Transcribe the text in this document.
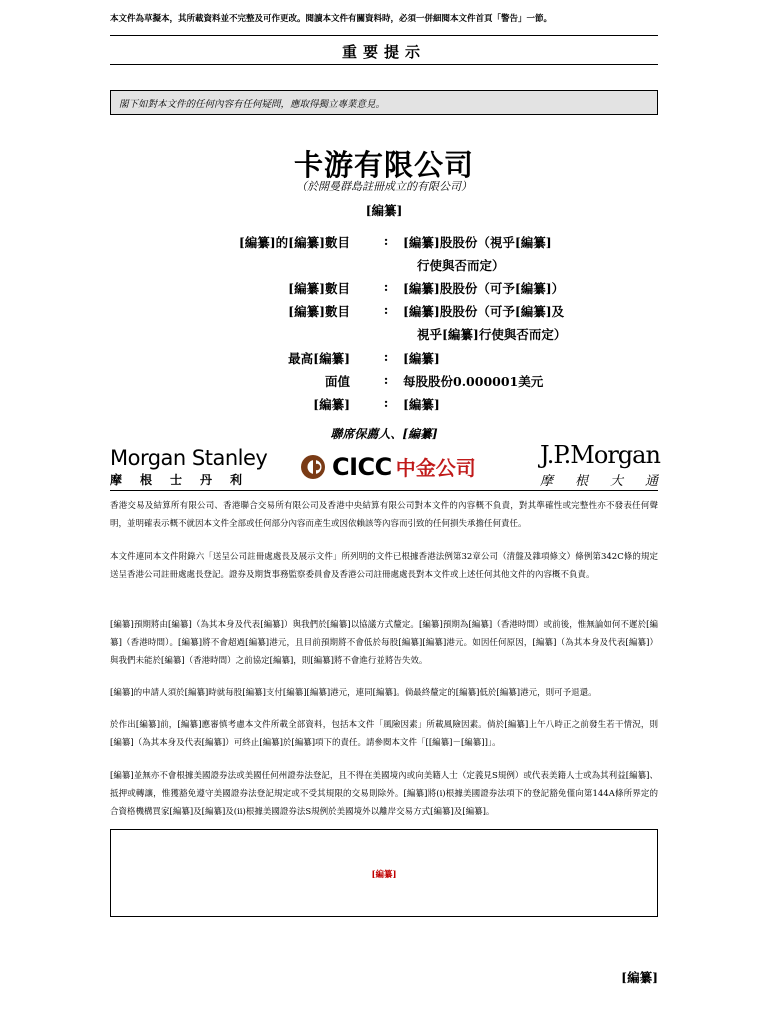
本文件為草擬本，其所載資料並不完整及可作更改。閱讀本文件有關資料時，必須一併細閱本文件首頁「警告」一節。
重要提示
閣下如對本文件的任何內容有任何疑問，應取得獨立專業意見。
卡游有限公司
（於開曼群島註冊成立的有限公司）
[編纂]
[編纂]的[編纂]數目	: [編纂]股股份（視乎[編纂]
行使與否而定）
[編纂]數目	: [編纂]股股份（可予[編纂]）
[編纂]數目	: [編纂]股股份（可予[編纂]及
視乎[編纂]行使與否而定）
最高[編纂]	: [編纂]
面值	: 每股股份0.000001美元
[編纂]	: [編纂]
聯席保薦人、[編纂]
Morgan Stanley
摩 根 士 丹 利	CICC 中金公司	J.P.Morgan
摩 根 大 通
香港交易及結算所有限公司、香港聯合交易所有限公司及香港中央結算有限公司對本文件的內容概不負責，對其準確性或完整性亦不發表任何聲明，並明確表示概不就因本文件全部或任何部分內容而產生或因依賴該等內容而引致的任何損失承擔任何責任。
本文件連同本文件附錄六「送呈公司註冊處處長及展示文件」所列明的文件已根據香港法例第32章公司（清盤及雜項條文）條例第342C條的規定送呈香港公司註冊處處長登記。證券及期貨事務監察委員會及香港公司註冊處處長對本文件或上述任何其他文件的內容概不負責。
[編纂]預期將由[編纂]（為其本身及代表[編纂]）與我們於[編纂]以協議方式釐定。[編纂]預期為[編纂]（香港時間）或前後，惟無論如何不遲於[編纂]（香港時間）。[編纂]將不會超過[編纂]港元，且目前預期將不會低於每股[編纂][編纂]港元。如因任何原因，[編纂]（為其本身及代表[編纂]）與我們未能於[編纂]（香港時間）之前協定[編纂]，則[編纂]將不會進行並將告失效。
[編纂]的申請人須於[編纂]時就每股[編纂]支付[編纂][編纂]港元，連同[編纂]。倘最終釐定的[編纂]低於[編纂]港元，則可予退還。
於作出[編纂]前，[編纂]應審慎考慮本文件所載全部資料，包括本文件「風險因素」所載風險因素。倘於[編纂]上午八時正之前發生若干情況，則[編纂]（為其本身及代表[編纂]）可終止[編纂]於[編纂]項下的責任。請參閱本文件「[[編纂]－[編纂]]」。
[編纂]並無亦不會根據美國證券法或美國任何州證券法登記，且不得在美國境內或向美籍人士（定義見S規例）或代表美籍人士或為其利益[編纂]、抵押或轉讓，惟獲豁免遵守美國證券法登記規定或不受其規限的交易則除外。[編纂]將(i)根據美國證券法項下的登記豁免僅向第144A條所界定的合資格機構買家[編纂]及[編纂]及(ii)根據美國證券法S規例於美國境外以離岸交易方式[編纂]及[編纂]。
[編纂]
[編纂]
